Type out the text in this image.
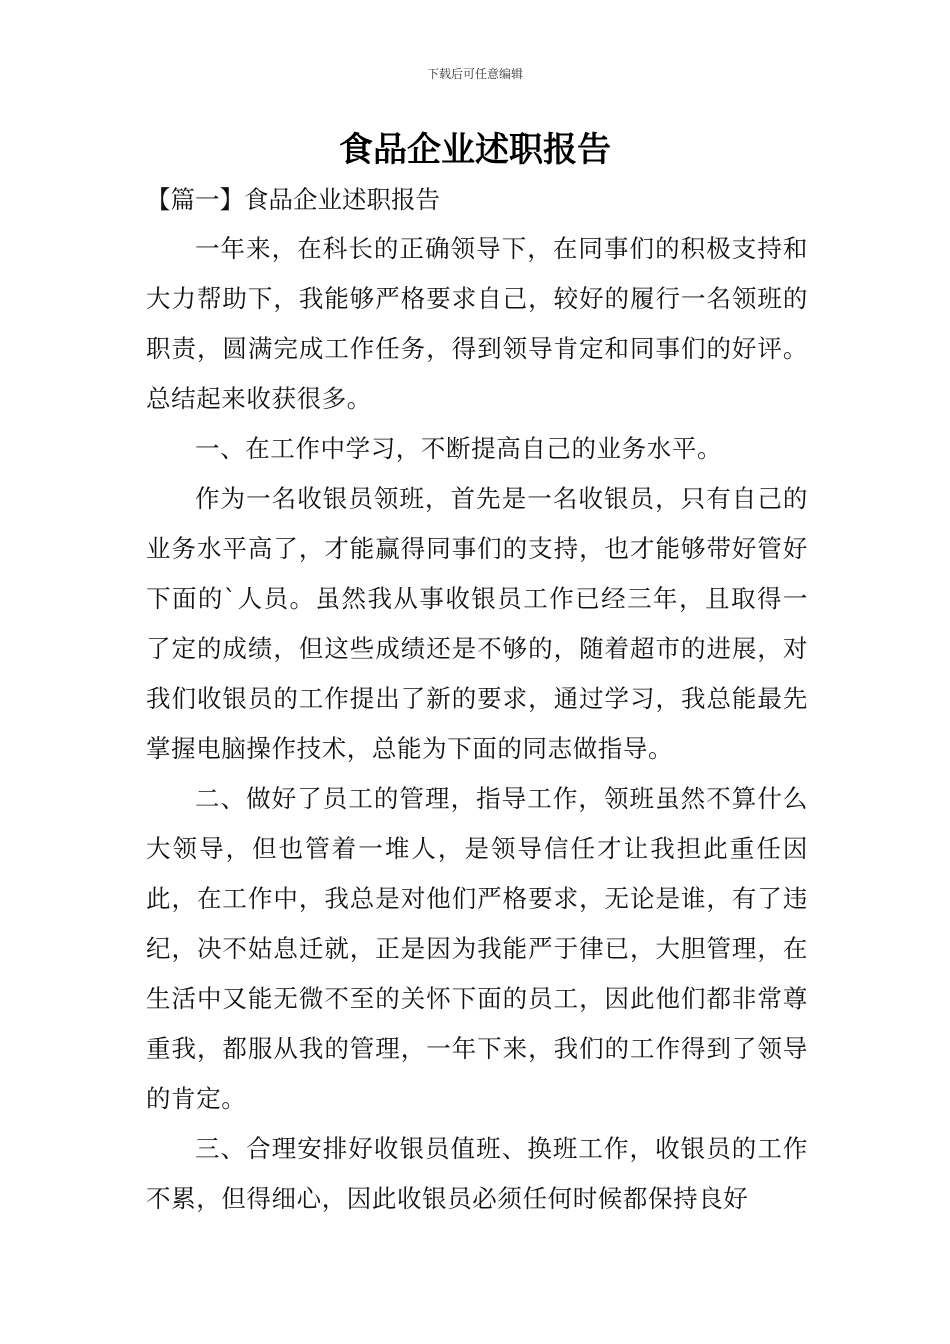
下载后可任意编辑
食品企业述职报告
【篇一】食品企业述职报告

一年来，在科长的正确领导下，在同事们的积极支持和大力帮助下，我能够严格要求自己，较好的履行一名领班的职责，圆满完成工作任务，得到领导肯定和同事们的好评。总结起来收获很多。

一、在工作中学习，不断提高自己的业务水平。

作为一名收银员领班，首先是一名收银员，只有自己的业务水平高了，才能赢得同事们的支持，也才能够带好管好下面的`人员。虽然我从事收银员工作已经三年，且取得一了定的成绩，但这些成绩还是不够的，随着超市的进展，对我们收银员的工作提出了新的要求，通过学习，我总能最先掌握电脑操作技术，总能为下面的同志做指导。

二、做好了员工的管理，指导工作，领班虽然不算什么大领导，但也管着一堆人，是领导信任才让我担此重任因此，在工作中，我总是对他们严格要求，无论是谁，有了违纪，决不姑息迁就，正是因为我能严于律已，大胆管理，在生活中又能无微不至的关怀下面的员工，因此他们都非常尊重我，都服从我的管理，一年下来，我们的工作得到了领导的肯定。

三、合理安排好收银员值班、换班工作，收银员的工作不累，但得细心，因此收银员必须任何时候都保持良好
